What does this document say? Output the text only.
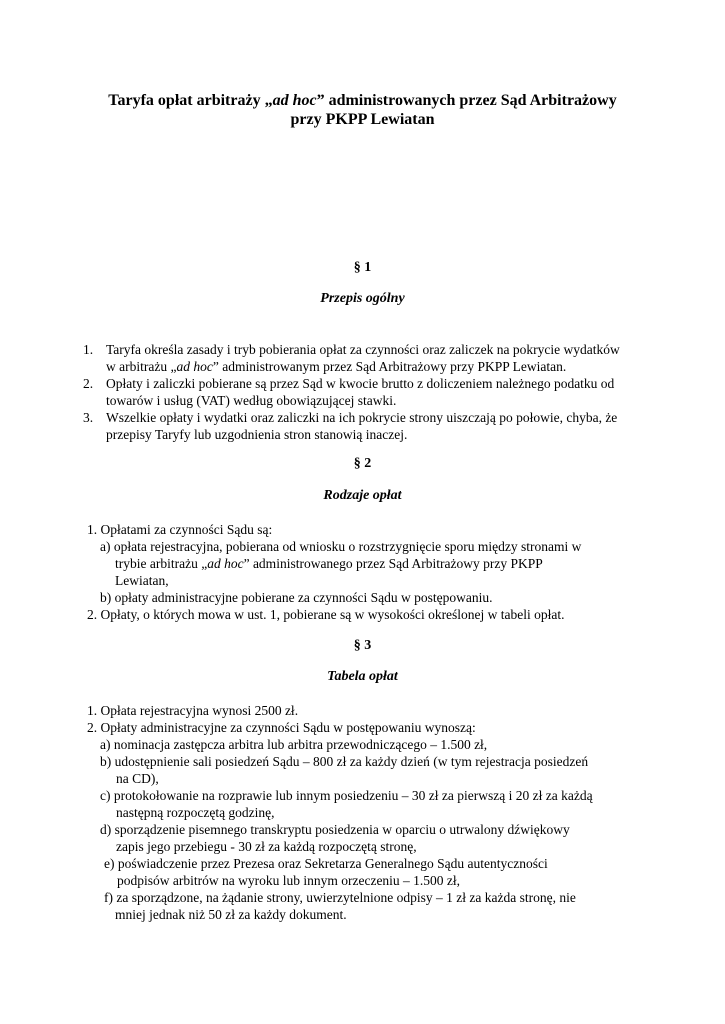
Taryfa opłat arbitraży „ad hoc” administrowanych przez Sąd Arbitrażowy
przy PKPP Lewiatan
§ 1
Przepis ogólny
1. Taryfa określa zasady i tryb pobierania opłat za czynności oraz zaliczek na pokrycie wydatków
w arbitrażu „ad hoc” administrowanym przez Sąd Arbitrażowy przy PKPP Lewiatan.
2. Opłaty i zaliczki pobierane są przez Sąd w kwocie brutto z doliczeniem należnego podatku od
towarów i usług (VAT) według obowiązującej stawki.
3. Wszelkie opłaty i wydatki oraz zaliczki na ich pokrycie strony uiszczają po połowie, chyba, że
przepisy Taryfy lub uzgodnienia stron stanowią inaczej.
§ 2
Rodzaje opłat
1. Opłatami za czynności Sądu są:
a) opłata rejestracyjna, pobierana od wniosku o rozstrzygnięcie sporu między stronami w
trybie arbitrażu „ad hoc” administrowanego przez Sąd Arbitrażowy przy PKPP
Lewiatan,
b) opłaty administracyjne pobierane za czynności Sądu w postępowaniu.
2. Opłaty, o których mowa w ust. 1, pobierane są w wysokości określonej w tabeli opłat.
§ 3
Tabela opłat
1. Opłata rejestracyjna wynosi 2500 zł.
2. Opłaty administracyjne za czynności Sądu w postępowaniu wynoszą:
a) nominacja zastępcza arbitra lub arbitra przewodniczącego – 1.500 zł,
b) udostępnienie sali posiedzeń Sądu – 800 zł za każdy dzień (w tym rejestracja posiedzeń
na CD),
c) protokołowanie na rozprawie lub innym posiedzeniu – 30 zł za pierwszą i 20 zł za każdą
następną rozpoczętą godzinę,
d) sporządzenie pisemnego transkryptu posiedzenia w oparciu o utrwalony dźwiękowy
zapis jego przebiegu - 30 zł za każdą rozpoczętą stronę,
e) poświadczenie przez Prezesa oraz Sekretarza Generalnego Sądu autentyczności
podpisów arbitrów na wyroku lub innym orzeczeniu – 1.500 zł,
f) za sporządzone, na żądanie strony, uwierzytelnione odpisy – 1 zł za każda stronę, nie
mniej jednak niż 50 zł za każdy dokument.
